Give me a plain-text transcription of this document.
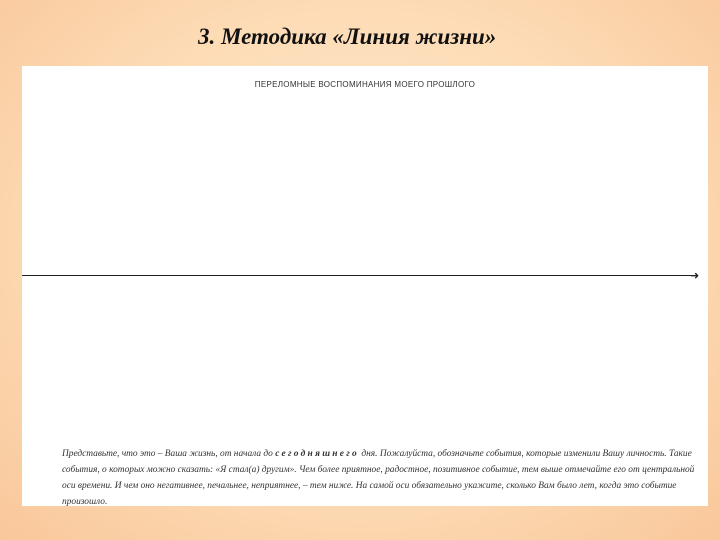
3. Методика «Линия жизни»
ПЕРЕЛОМНЫЕ ВОСПОМИНАНИЯ МОЕГО ПРОШЛОГО
➜
Представьте, что это – Ваша жизнь, от начала до сегодняшнего дня. Пожалуйста, обозначьте события, которые изменили Вашу личность. Такие события, о которых можно сказать: «Я стал(а) другим». Чем более приятное, радостное, позитивное событие, тем выше отмечайте его от центральной оси времени. И чем оно негативнее, печальнее, неприятнее, – тем ниже. На самой оси обязательно укажите, сколько Вам было лет, когда это событие произошло.
